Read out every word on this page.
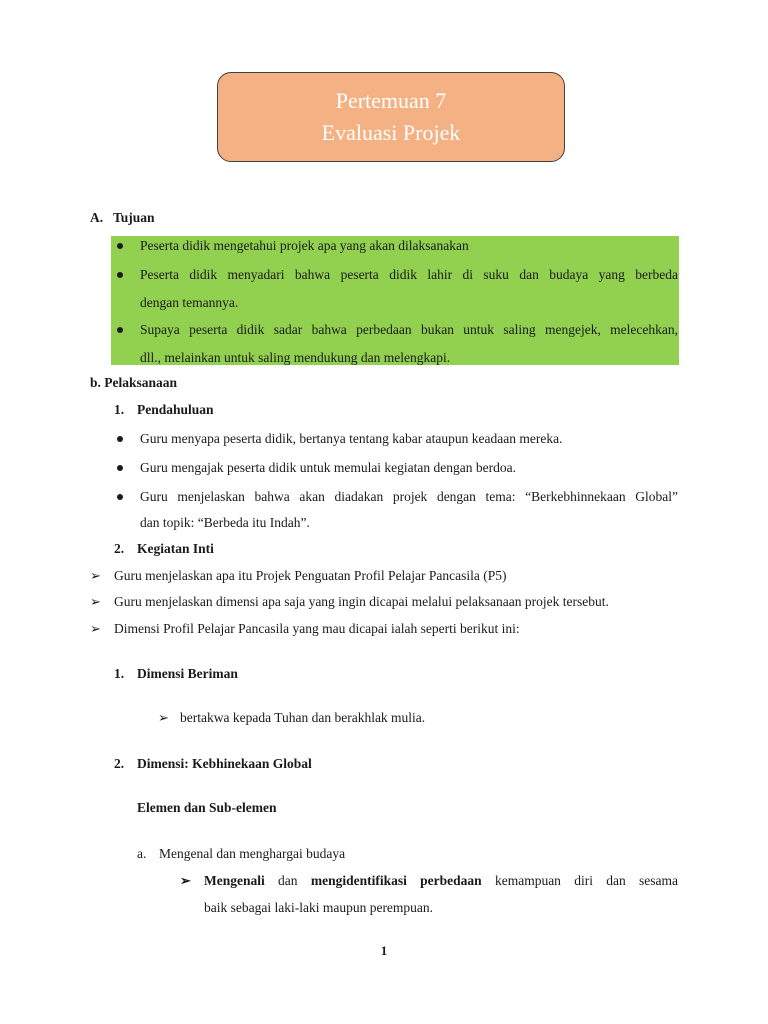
Pertemuan 7
Evaluasi Projek
A. Tujuan
Peserta didik mengetahui projek apa yang akan dilaksanakan
Peserta didik menyadari bahwa peserta didik lahir di suku dan budaya yang berbeda
dengan temannya.
Supaya peserta didik sadar bahwa perbedaan bukan untuk saling mengejek, melecehkan,
dll., melainkan untuk saling mendukung dan melengkapi.
b. Pelaksanaan
1. Pendahuluan
Guru menyapa peserta didik, bertanya tentang kabar ataupun keadaan mereka.
Guru mengajak peserta didik untuk memulai kegiatan dengan berdoa.
Guru menjelaskan bahwa akan diadakan projek dengan tema: “Berkebhinnekaan Global”
dan topik: “Berbeda itu Indah”.
2. Kegiatan Inti
➢ Guru menjelaskan apa itu Projek Penguatan Profil Pelajar Pancasila (P5)
➢ Guru menjelaskan dimensi apa saja yang ingin dicapai melalui pelaksanaan projek tersebut.
➢ Dimensi Profil Pelajar Pancasila yang mau dicapai ialah seperti berikut ini:
1. Dimensi Beriman
➢ bertakwa kepada Tuhan dan berakhlak mulia.
2. Dimensi: Kebhinekaan Global
Elemen dan Sub-elemen
a. Mengenal dan menghargai budaya
➢ Mengenali dan mengidentifikasi perbedaan kemampuan diri dan sesama
baik sebagai laki-laki maupun perempuan.
1
